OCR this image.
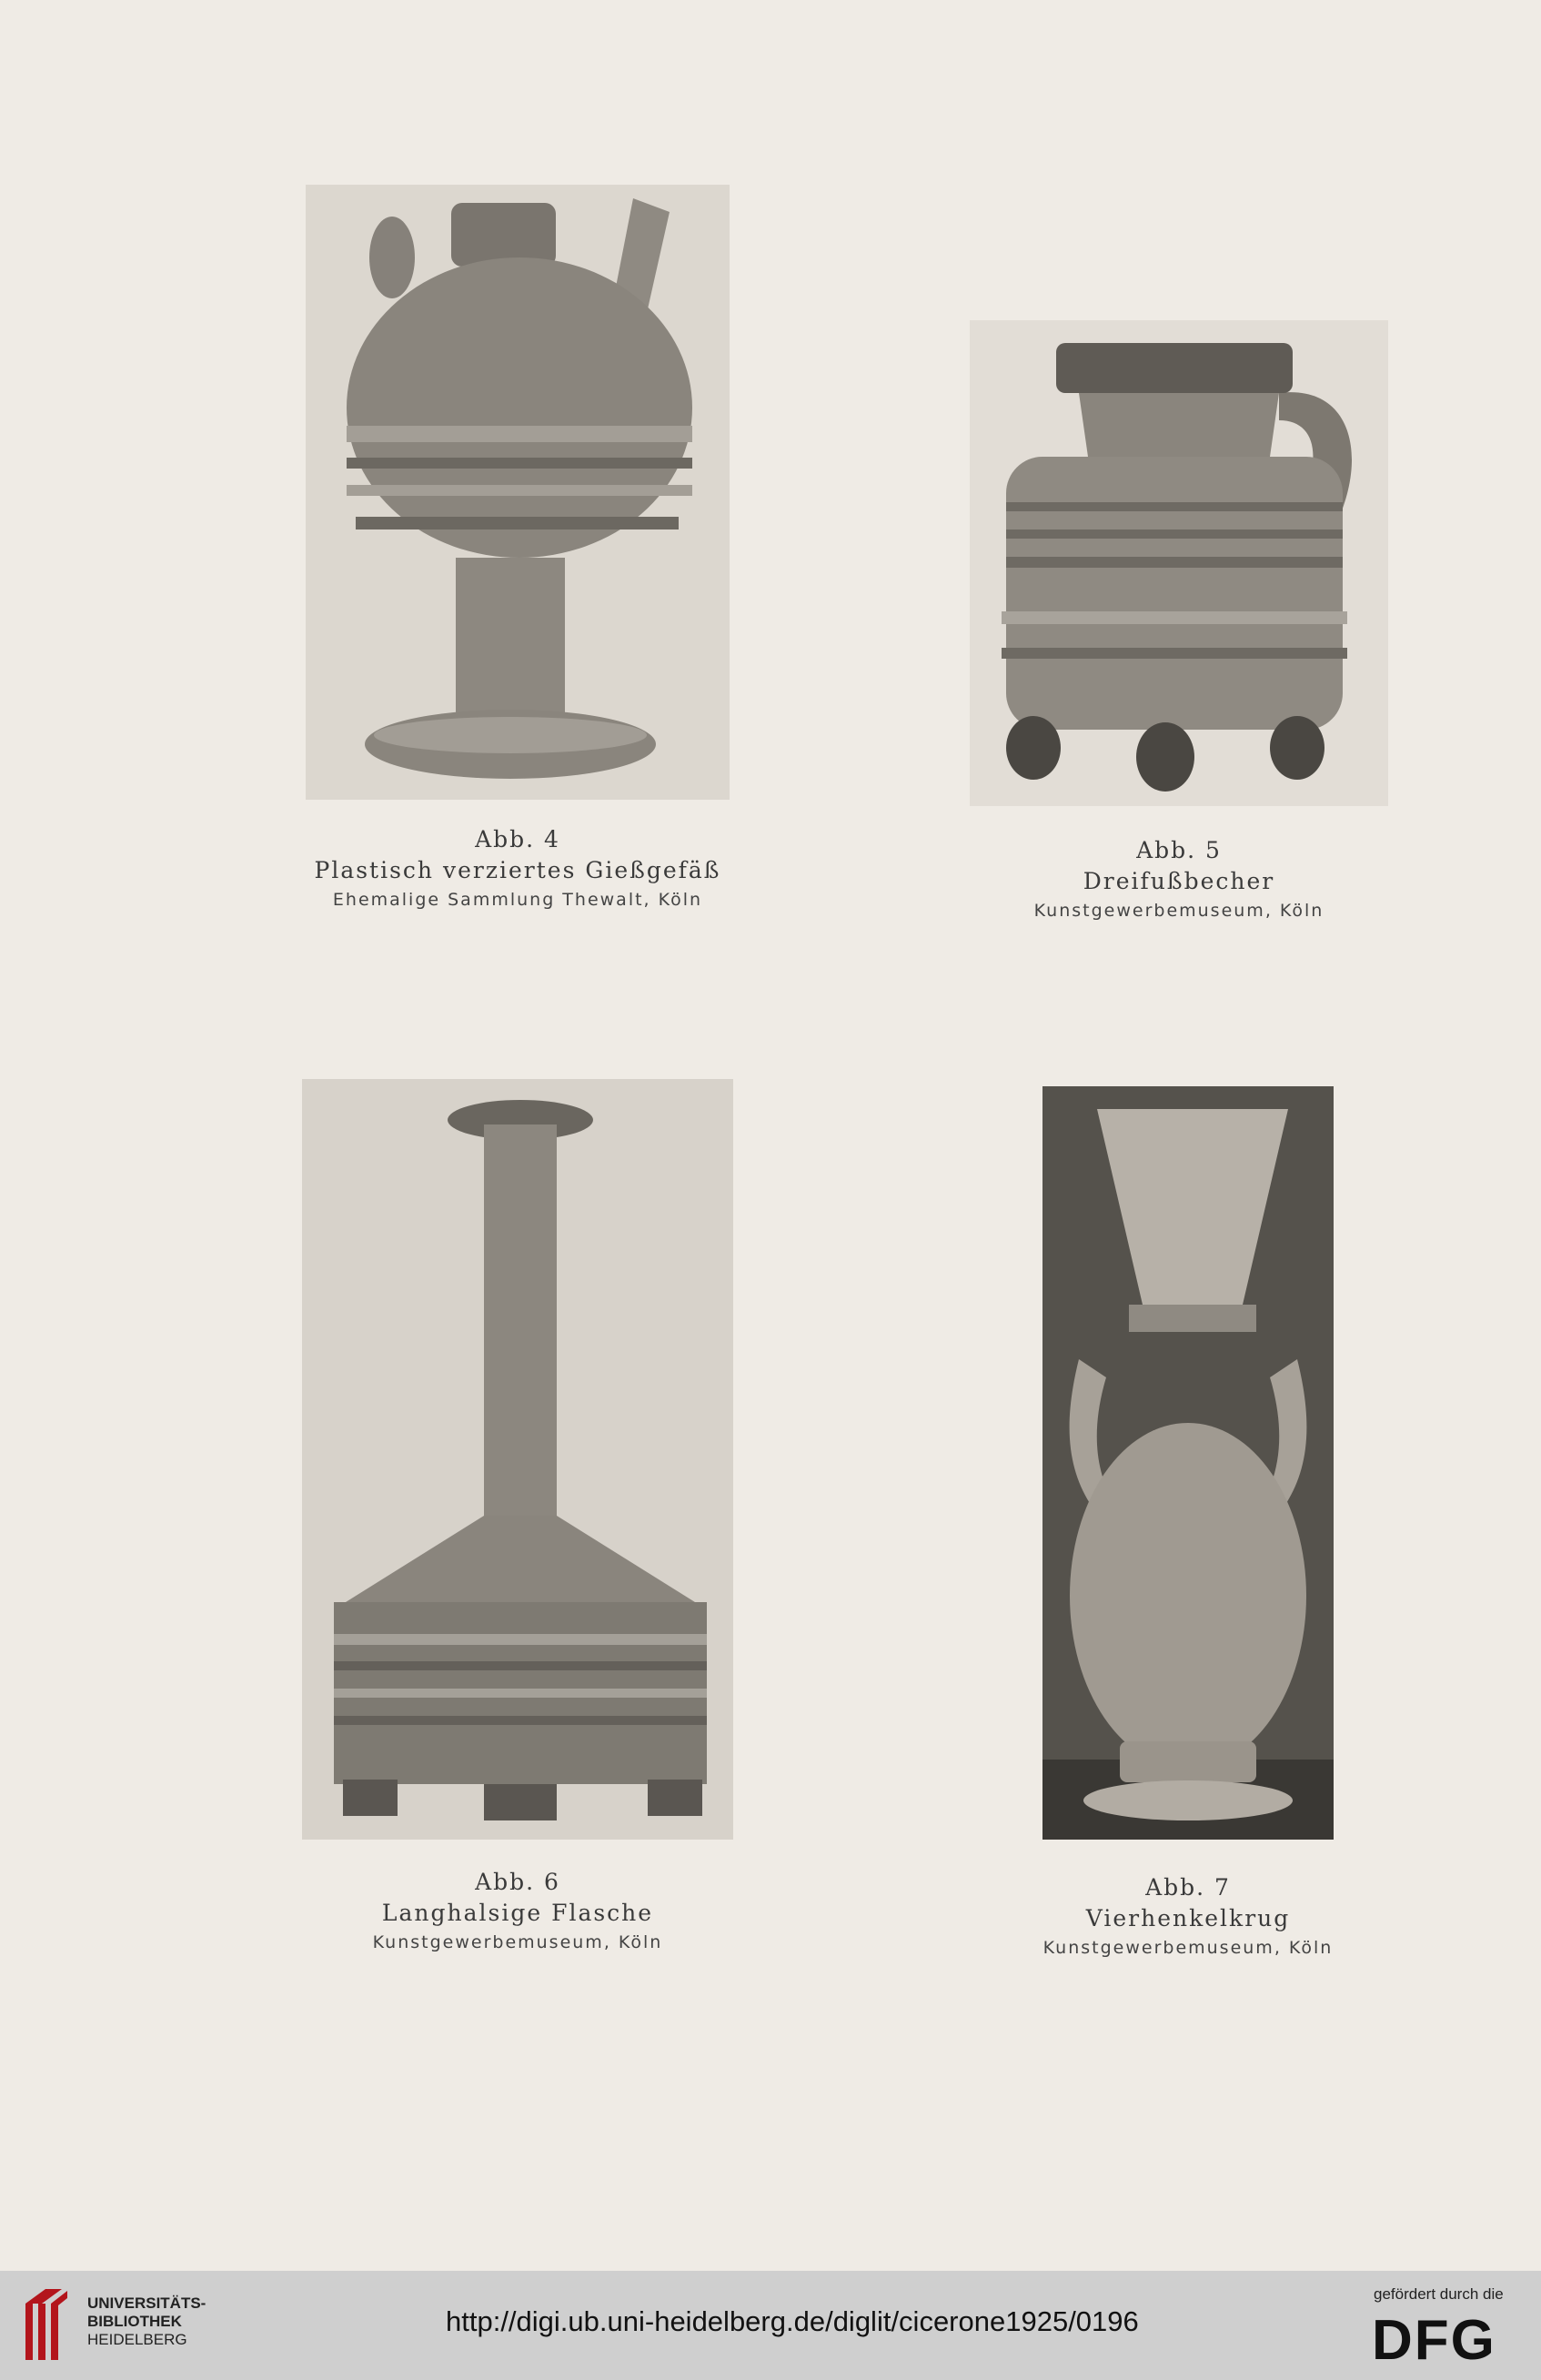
Abb. 4
Plastisch verziertes Gießgefäß
Ehemalige Sammlung Thewalt, Köln
Abb. 5
Dreifußbecher
Kunstgewerbemuseum, Köln
Abb. 6
Langhalsige Flasche
Kunstgewerbemuseum, Köln
Abb. 7
Vierhenkelkrug
Kunstgewerbemuseum, Köln
UNIVERSITÄTS-
BIBLIOTHEK
HEIDELBERG
http://digi.ub.uni-heidelberg.de/diglit/cicerone1925/0196
gefördert durch die
DFG
